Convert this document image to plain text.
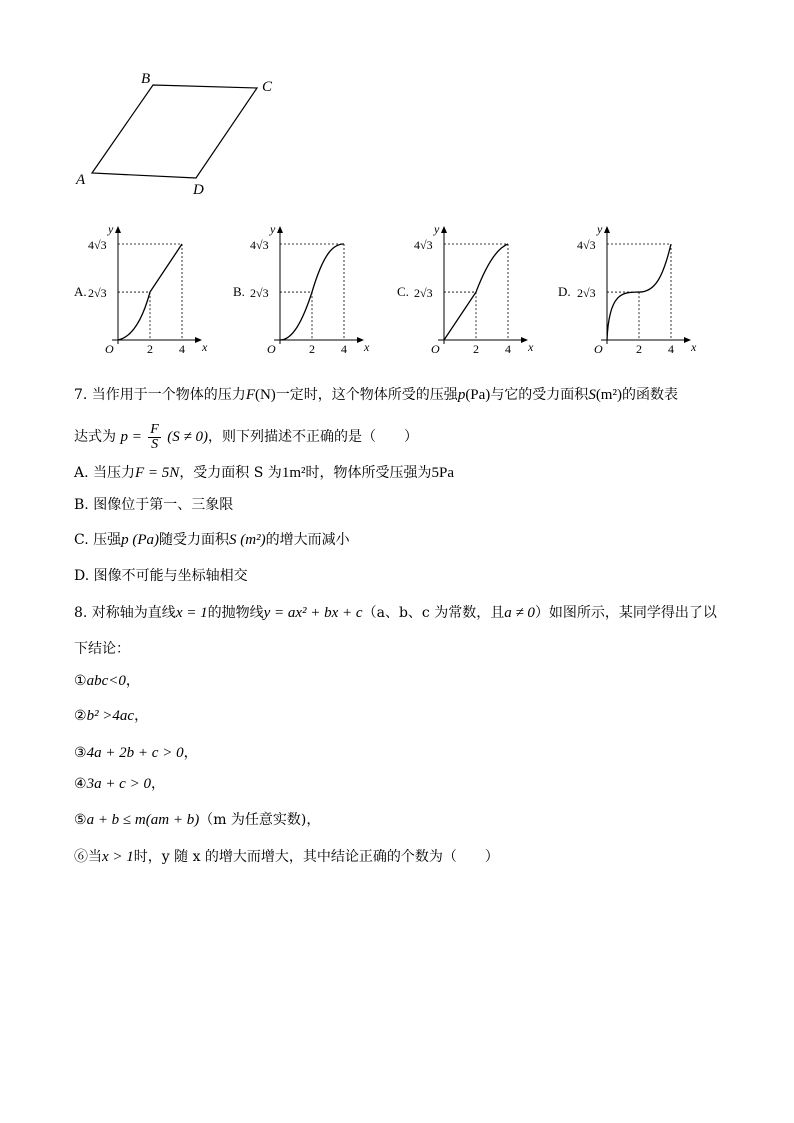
B	C
A
D
A.	B.	C.	D.
y
x
O
4√3
2√3
2 4
y
x
O
4√3
2√3
2 4
y
x
O
4√3
2√3
2 4
y
x
O
4√3
2√3
2 4
7. 当作用于一个物体的压力F(N)一定时，这个物体所受的压强p(Pa)与它的受力面积S(m²)的函数表
达式为 $p = \frac{F}{S} (S \ne 0)$，则下列描述不正确的是（　　）
A. 当压力F = 5N，受力面积 S 为1m²时，物体所受压强为5Pa
B. 图像位于第一、三象限
C. 压强p (Pa)随受力面积S (m²)的增大而减小
D. 图像不可能与坐标轴相交
8. 对称轴为直线x = 1的抛物线y = ax² + bx + c（a、b、c 为常数，且a ≠ 0）如图所示，某同学得出了以
下结论：
①abc<0，
②b² >4ac，
③4a + 2b + c > 0，
④3a + c > 0，
⑤a + b ≤ m(am + b)（m 为任意实数)，
⑥当x > 1时，y 随 x 的增大而增大，其中结论正确的个数为（　　）
